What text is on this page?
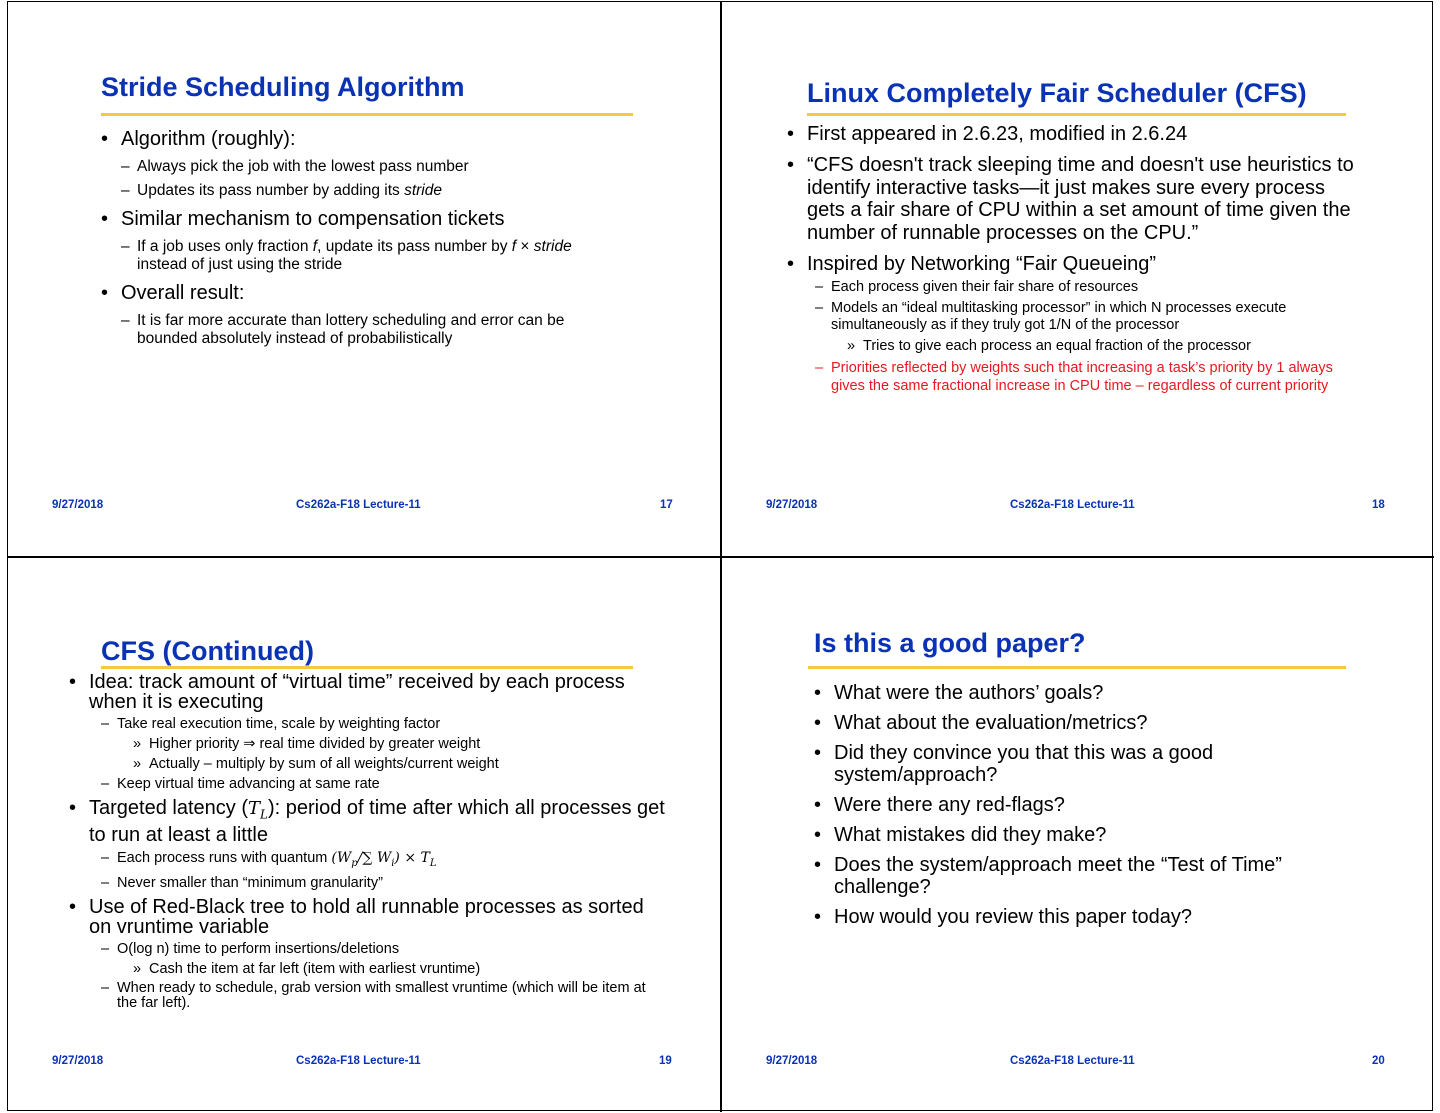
Stride Scheduling Algorithm
• Algorithm (roughly):
– Always pick the job with the lowest pass number
– Updates its pass number by adding its stride
• Similar mechanism to compensation tickets
– If a job uses only fraction f, update its pass number by f × stride instead of just using the stride
• Overall result:
– It is far more accurate than lottery scheduling and error can be bounded absolutely instead of probabilistically
9/27/2018	Cs262a-F18 Lecture-11	17
Linux Completely Fair Scheduler (CFS)
• First appeared in 2.6.23, modified in 2.6.24
• “CFS doesn't track sleeping time and doesn't use heuristics to identify interactive tasks—it just makes sure every process gets a fair share of CPU within a set amount of time given the number of runnable processes on the CPU.”
• Inspired by Networking “Fair Queueing”
– Each process given their fair share of resources
– Models an “ideal multitasking processor” in which N processes execute simultaneously as if they truly got 1/N of the processor
» Tries to give each process an equal fraction of the processor
– Priorities reflected by weights such that increasing a task’s priority by 1 always gives the same fractional increase in CPU time – regardless of current priority
9/27/2018	Cs262a-F18 Lecture-11	18
CFS (Continued)
• Idea: track amount of “virtual time” received by each process when it is executing
– Take real execution time, scale by weighting factor
» Higher priority ⇒ real time divided by greater weight
» Actually – multiply by sum of all weights/current weight
– Keep virtual time advancing at same rate
• Targeted latency $(T_L)$: period of time after which all processes get to run at least a little
– Each process runs with quantum ($W_p/\sum$ $W_i) \times T_L$
– Never smaller than “minimum granularity”
• Use of Red-Black tree to hold all runnable processes as sorted on vruntime variable
– O(log n) time to perform insertions/deletions
» Cash the item at far left (item with earliest vruntime)
– When ready to schedule, grab version with smallest vruntime (which will be item at the far left).
9/27/2018	Cs262a-F18 Lecture-11	19
Is this a good paper?
• What were the authors’ goals?
• What about the evaluation/metrics?
• Did they convince you that this was a good system/approach?
• Were there any red-flags?
• What mistakes did they make?
• Does the system/approach meet the “Test of Time” challenge?
• How would you review this paper today?
9/27/2018	Cs262a-F18 Lecture-11	20
